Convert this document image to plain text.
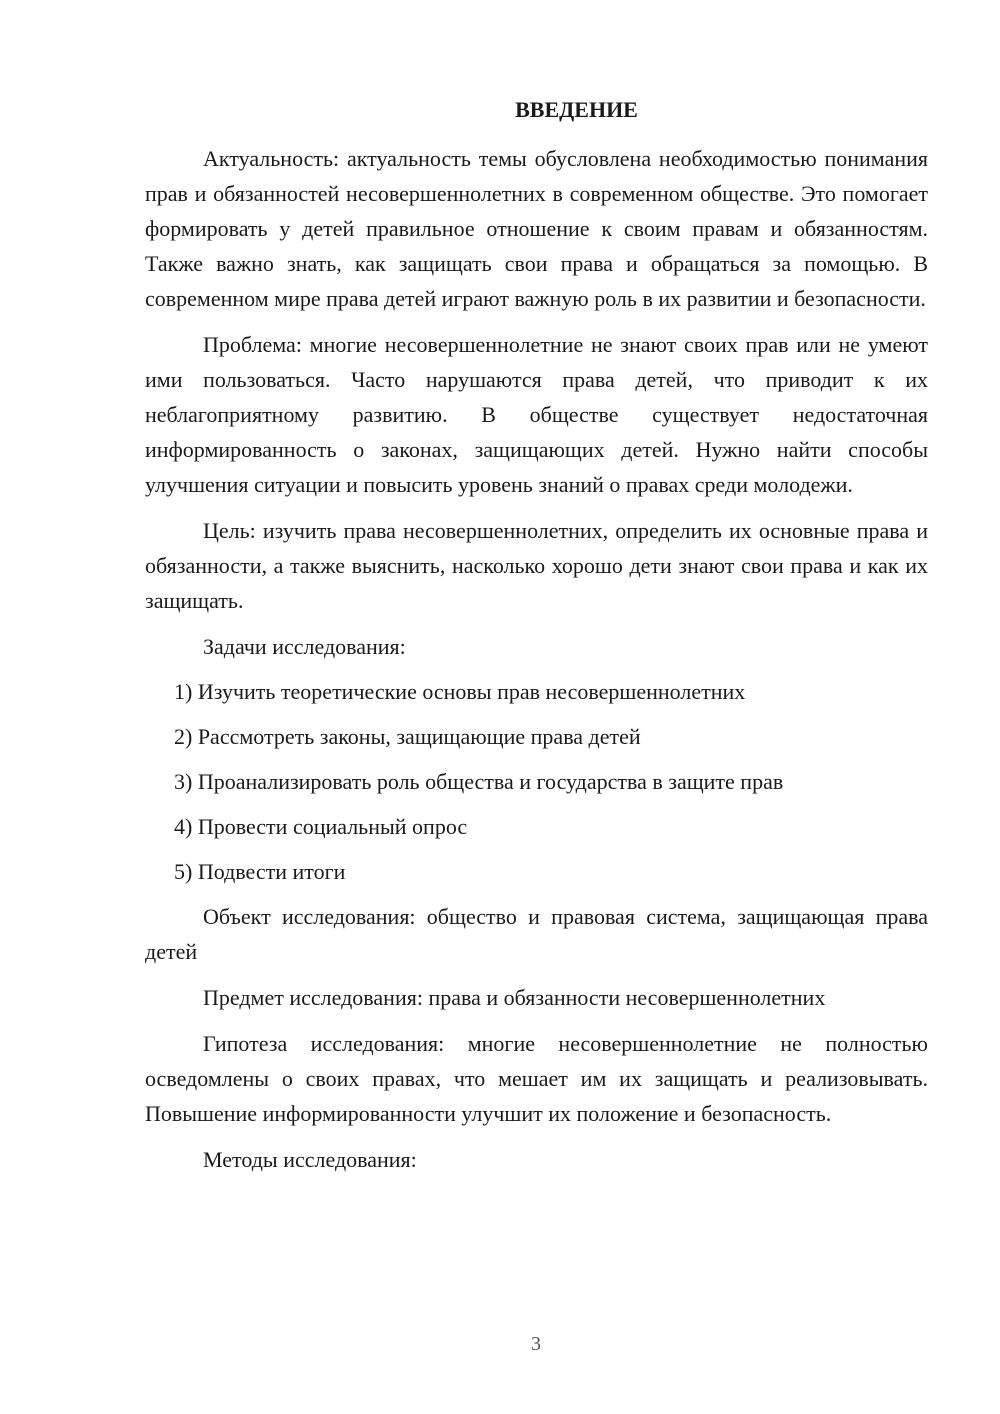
ВВЕДЕНИЕ

Актуальность: актуальность темы обусловлена необходимостью понимания прав и обязанностей несовершеннолетних в современном обществе. Это помогает формировать у детей правильное отношение к своим правам и обязанностям. Также важно знать, как защищать свои права и обращаться за помощью. В современном мире права детей играют важную роль в их развитии и безопасности.

Проблема: многие несовершеннолетние не знают своих прав или не умеют ими пользоваться. Часто нарушаются права детей, что приводит к их неблагоприятному развитию. В обществе существует недостаточная информированность о законах, защищающих детей. Нужно найти способы улучшения ситуации и повысить уровень знаний о правах среди молодежи.

Цель: изучить права несовершеннолетних, определить их основные права и обязанности, а также выяснить, насколько хорошо дети знают свои права и как их защищать.

Задачи исследования:

1) Изучить теоретические основы прав несовершеннолетних
2) Рассмотреть законы, защищающие права детей
3) Проанализировать роль общества и государства в защите прав
4) Провести социальный опрос
5) Подвести итоги

Объект исследования: общество и правовая система, защищающая права детей

Предмет исследования: права и обязанности несовершеннолетних

Гипотеза исследования: многие несовершеннолетние не полностью осведомлены о своих правах, что мешает им их защищать и реализовывать. Повышение информированности улучшит их положение и безопасность.

Методы исследования:

3
